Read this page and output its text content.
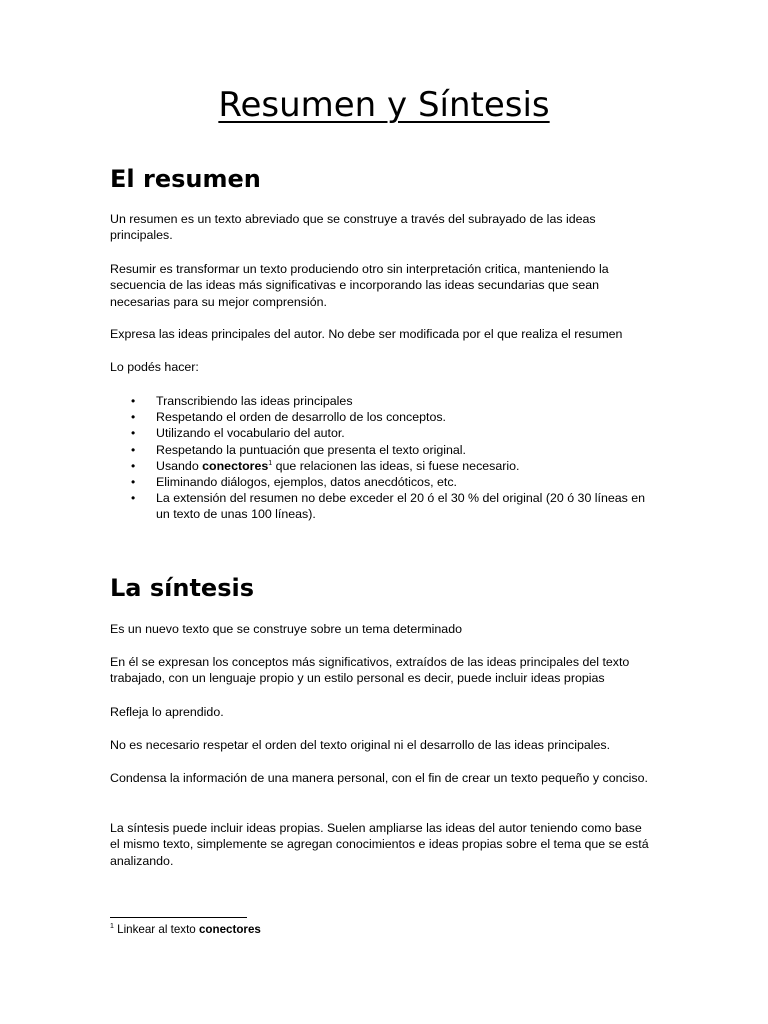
Resumen y Síntesis
El resumen

Un resumen es un texto abreviado que se construye a través del subrayado de las ideas principales.

Resumir es transformar un texto produciendo otro sin interpretación critica, manteniendo la secuencia de las ideas más significativas e incorporando las ideas secundarias que sean necesarias para su mejor comprensión.

Expresa las ideas principales del autor. No debe ser modificada por el que realiza el resumen

Lo podés hacer:

• Transcribiendo las ideas principales
• Respetando el orden de desarrollo de los conceptos.
• Utilizando el vocabulario del autor.
• Respetando la puntuación que presenta el texto original.
• Usando conectores$^1$ que relacionen las ideas, si fuese necesario.
• Eliminando diálogos, ejemplos, datos anecdóticos, etc.
• La extensión del resumen no debe exceder el 20 ó el 30 % del original (20 ó 30 líneas en un texto de unas 100 líneas).
La síntesis

Es un nuevo texto que se construye sobre un tema determinado

En él se expresan los conceptos más significativos, extraídos de las ideas principales del texto trabajado, con un lenguaje propio y un estilo personal es decir, puede incluir ideas propias

Refleja lo aprendido.

No es necesario respetar el orden del texto original ni el desarrollo de las ideas principales.

Condensa la información de una manera personal, con el fin de crear un texto pequeño y conciso.

La síntesis puede incluir ideas propias. Suelen ampliarse las ideas del autor teniendo como base el mismo texto, simplemente se agregan conocimientos e ideas propias sobre el tema que se está analizando.

$^1$ Linkear al texto conectores
